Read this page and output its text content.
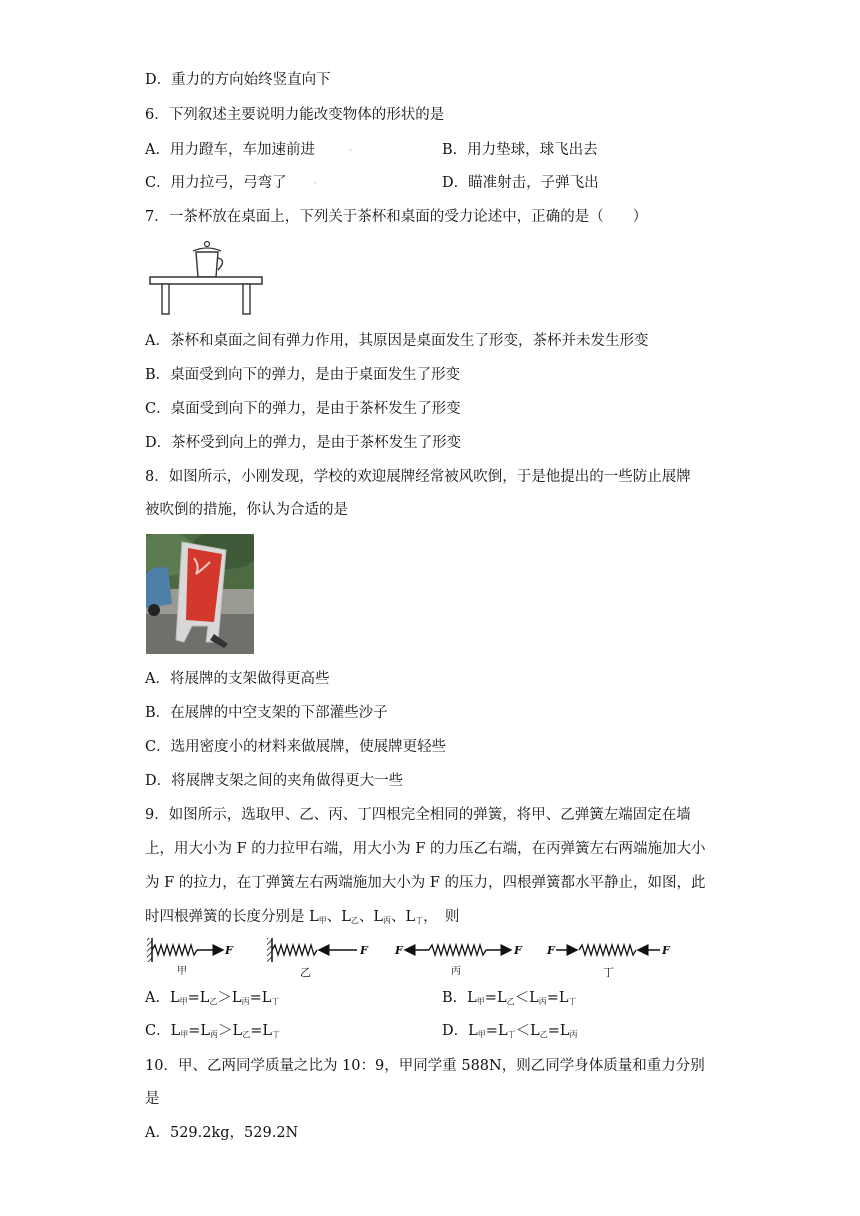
D．重力的方向始终竖直向下
6．下列叙述主要说明力能改变物体的形状的是
A．用力蹬车，车加速前进	◦	B．用力垫球，球飞出去
C．用力拉弓，弓弯了	◦	D．瞄准射击，子弹飞出
7．一茶杯放在桌面上，下列关于茶杯和桌面的受力论述中，正确的是（　　）
A．茶杯和桌面之间有弹力作用，其原因是桌面发生了形变，茶杯并未发生形变
B．桌面受到向下的弹力，是由于桌面发生了形变
C．桌面受到向下的弹力，是由于茶杯发生了形变
D．茶杯受到向上的弹力，是由于茶杯发生了形变
8．如图所示，小刚发现，学校的欢迎展牌经常被风吹倒，于是他提出的一些防止展牌
被吹倒的措施，你认为合适的是
A．将展牌的支架做得更高些
B．在展牌的中空支架的下部灌些沙子
C．选用密度小的材料来做展牌，使展牌更轻些
D．将展牌支架之间的夹角做得更大一些
9．如图所示，选取甲、乙、丙、丁四根完全相同的弹簧，将甲、乙弹簧左端固定在墙
上，用大小为 F 的力拉甲右端，用大小为 F 的力压乙右端，在丙弹簧左右两端施加大小
为 F 的拉力，在丁弹簧左右两端施加大小为 F 的压力，四根弹簧都水平静止，如图，此
时四根弹簧的长度分别是 $L_甲$、$L_乙$、$L_丙$、$L_丁$，　则
F
甲
F
乙
F	F
丙
F	F
丁
A．$L_甲=L_乙>L_丙=L_丁$	B．$L_甲=L_乙<L_丙=L_丁$
C．$L_甲=L_丙>L_乙=L_丁$	D．$L_甲=L_丁<L_乙=L_丙$
10．甲、乙两同学质量之比为 10：9，甲同学重 588N，则乙同学身体质量和重力分别
是
A．529.2kg，529.2N
